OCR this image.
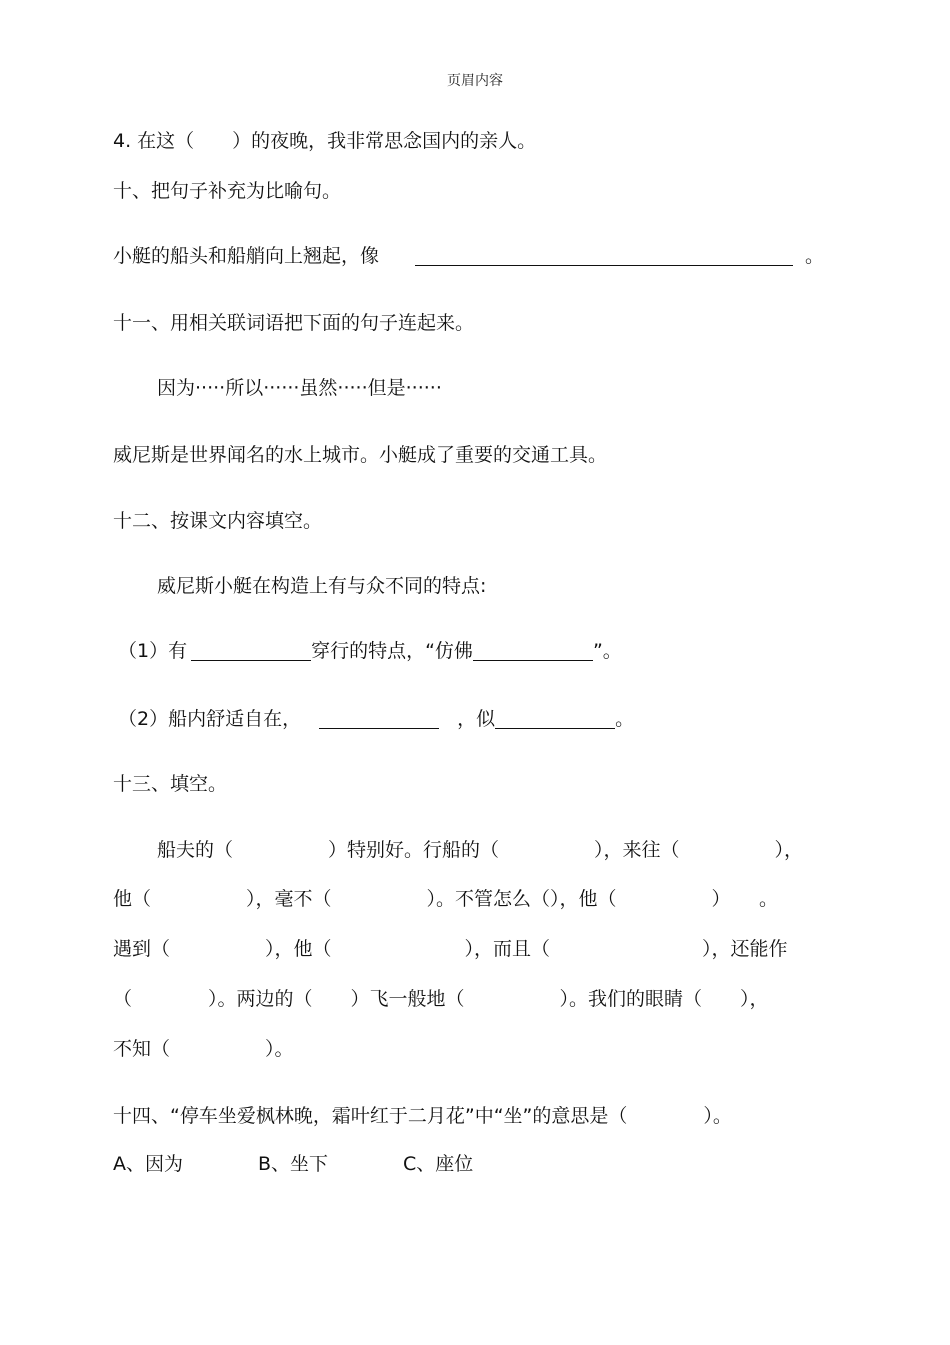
页眉内容
4. 在这（　　）的夜晚，我非常思念国内的亲人。
十、把句子补充为比喻句。
小艇的船头和船艄向上翘起，像	。
十一、用相关联词语把下面的句子连起来。
因为·····所以······虽然·····但是······
威尼斯是世界闻名的水上城市。小艇成了重要的交通工具。
十二、按课文内容填空。
威尼斯小艇在构造上有与众不同的特点:
（1）有	穿行的特点，“仿佛	”。
（2）船内舒适自在，	，似	。
十三、填空。
船夫的（　　　　　）特别好。行船的（　　　　　），来往（　　　　　），
他（　　　　　），毫不（　　　　　）。不管怎么（），他（　　　　　）　　。
遇到（　　　　　），他（　　　　　　　），而且（　　　　　　　　），还能作
（　　　　）。两边的（　　）飞一般地（　　　　　）。我们的眼睛（　　），
不知（　　　　　）。
十四、“停车坐爱枫林晚，霜叶红于二月花”中“坐”的意思是（　　　　）。
A、因为	B、坐下	C、座位
